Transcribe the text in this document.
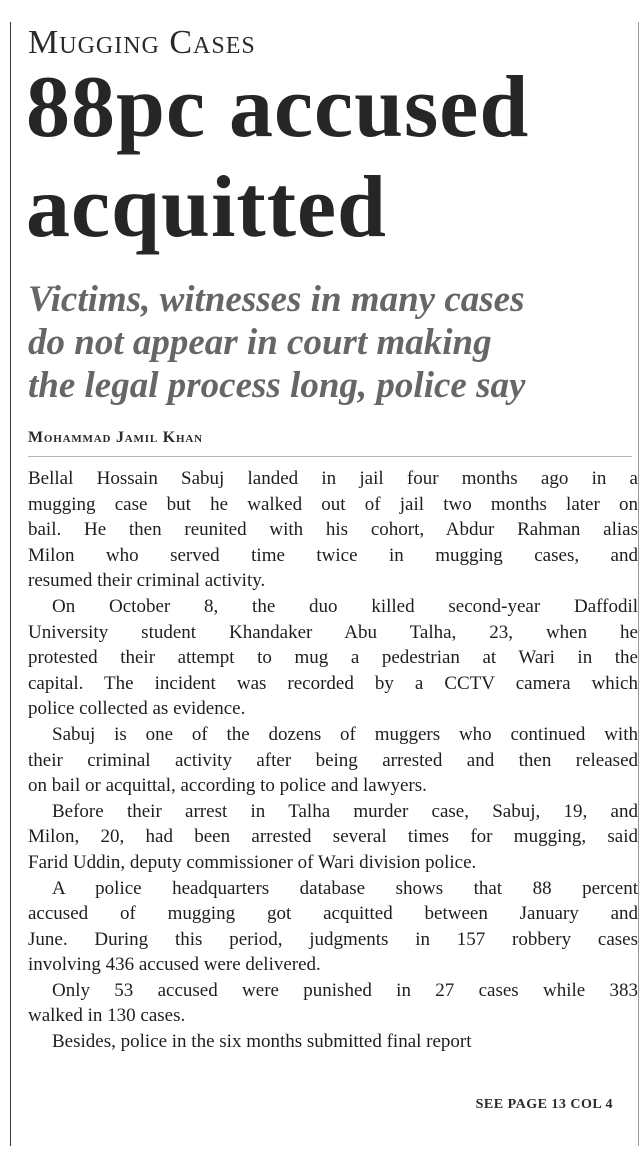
Mugging Cases
88pc accused
acquitted
Victims, witnesses in many cases
do not appear in court making
the legal process long, police say
Mohammad Jamil Khan
Bellal Hossain Sabuj landed in jail four months ago in a
mugging case but he walked out of jail two months later on
bail. He then reunited with his cohort, Abdur Rahman alias
Milon who served time twice in mugging cases, and
resumed their criminal activity.
On October 8, the duo killed second-year Daffodil
University student Khandaker Abu Talha, 23, when he
protested their attempt to mug a pedestrian at Wari in the
capital. The incident was recorded by a CCTV camera which
police collected as evidence.
Sabuj is one of the dozens of muggers who continued with
their criminal activity after being arrested and then released
on bail or acquittal, according to police and lawyers.
Before their arrest in Talha murder case, Sabuj, 19, and
Milon, 20, had been arrested several times for mugging, said
Farid Uddin, deputy commissioner of Wari division police.
A police headquarters database shows that 88 percent
accused of mugging got acquitted between January and
June. During this period, judgments in 157 robbery cases
involving 436 accused were delivered.
Only 53 accused were punished in 27 cases while 383
walked in 130 cases.
Besides, police in the six months submitted final report
SEE PAGE 13 COL 4
